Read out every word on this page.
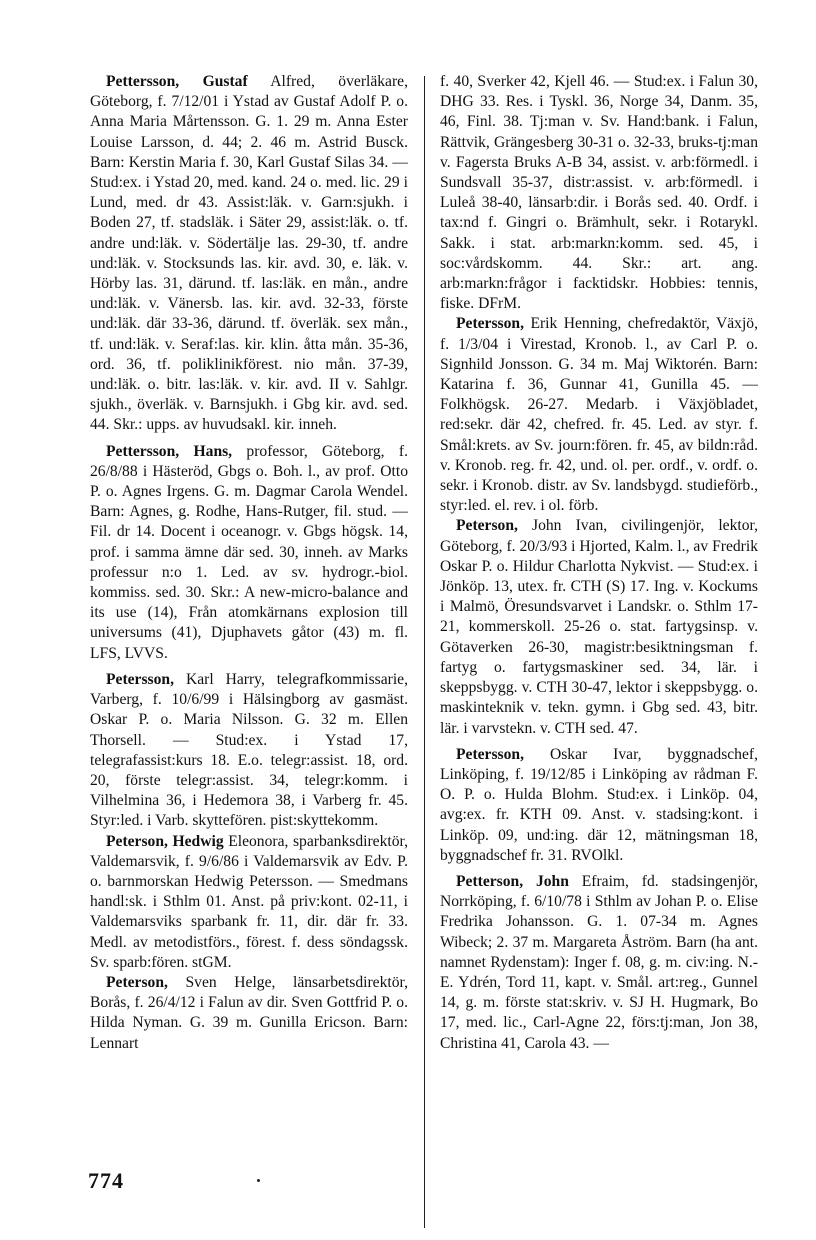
Pettersson, Gustaf Alfred, överläkare, Göteborg, f. 7/12/01 i Ystad av Gustaf Adolf P. o. Anna Maria Mårtensson. G. 1. 29 m. Anna Ester Louise Larsson, d. 44; 2. 46 m. Astrid Busck. Barn: Kerstin Maria f. 30, Karl Gustaf Silas 34. — Stud:ex. i Ystad 20, med. kand. 24 o. med. lic. 29 i Lund, med. dr 43. Assist:läk. v. Garn:sjukh. i Boden 27, tf. stadsläk. i Säter 29, assist:läk. o. tf. andre und:läk. v. Södertälje las. 29-30, tf. andre und:läk. v. Stocksunds las. kir. avd. 30, e. läk. v. Hörby las. 31, därund. tf. las:läk. en mån., andre und:läk. v. Vänersb. las. kir. avd. 32-33, förste und:läk. där 33-36, därund. tf. överläk. sex mån., tf. und:läk. v. Seraf:las. kir. klin. åtta mån. 35-36, ord. 36, tf. poliklinikförest. nio mån. 37-39, und:läk. o. bitr. las:läk. v. kir. avd. II v. Sahlgr. sjukh., överläk. v. Barnsjukh. i Gbg kir. avd. sed. 44. Skr.: upps. av huvudsakl. kir. inneh.

Pettersson, Hans, professor, Göteborg, f. 26/8/88 i Hästeröd, Gbgs o. Boh. l., av prof. Otto P. o. Agnes Irgens. G. m. Dagmar Carola Wendel. Barn: Agnes, g. Rodhe, Hans-Rutger, fil. stud. — Fil. dr 14. Docent i oceanogr. v. Gbgs högsk. 14, prof. i samma ämne där sed. 30, inneh. av Marks professur n:o 1. Led. av sv. hydrogr.-biol. kommiss. sed. 30. Skr.: A new-micro-balance and its use (14), Från atomkärnans explosion till universums (41), Djuphavets gåtor (43) m. fl. LFS, LVVS.

Petersson, Karl Harry, telegrafkommissarie, Varberg, f. 10/6/99 i Hälsingborg av gasmäst. Oskar P. o. Maria Nilsson. G. 32 m. Ellen Thorsell. — Stud:ex. i Ystad 17, telegrafassist:kurs 18. E.o. telegr:assist. 18, ord. 20, förste telegr:assist. 34, telegr:komm. i Vilhelmina 36, i Hedemora 38, i Varberg fr. 45. Styr:led. i Varb. skyttefören. pist:skyttekomm.

Peterson, Hedwig Eleonora, sparbanksdirektör, Valdemarsvik, f. 9/6/86 i Valdemarsvik av Edv. P. o. barnmorskan Hedwig Petersson. — Smedmans handl:sk. i Sthlm 01. Anst. på priv:kont. 02-11, i Valdemarsviks sparbank fr. 11, dir. där fr. 33. Medl. av metodistförs., förest. f. dess söndagssk. Sv. sparb:fören. stGM.

Peterson, Sven Helge, länsarbetsdirektör, Borås, f. 26/4/12 i Falun av dir. Sven Gottfrid P. o. Hilda Nyman. G. 39 m. Gunilla Ericson. Barn: Lennart

f. 40, Sverker 42, Kjell 46. — Stud:ex. i Falun 30, DHG 33. Res. i Tyskl. 36, Norge 34, Danm. 35, 46, Finl. 38. Tj:man v. Sv. Hand:bank. i Falun, Rättvik, Grängesberg 30-31 o. 32-33, bruks-tj:man v. Fagersta Bruks A-B 34, assist. v. arb:förmedl. i Sundsvall 35-37, distr:assist. v. arb:förmedl. i Luleå 38-40, länsarb:dir. i Borås sed. 40. Ordf. i tax:nd f. Gingri o. Brämhult, sekr. i Rotarykl. Sakk. i stat. arb:markn:komm. sed. 45, i soc:vårdskomm. 44. Skr.: art. ang. arb:markn:frågor i facktidskr. Hobbies: tennis, fiske. DFrM.

Petersson, Erik Henning, chefredaktör, Växjö, f. 1/3/04 i Virestad, Kronob. l., av Carl P. o. Signhild Jonsson. G. 34 m. Maj Wiktorén. Barn: Katarina f. 36, Gunnar 41, Gunilla 45. — Folkhögsk. 26-27. Medarb. i Växjöbladet, red:sekr. där 42, chefred. fr. 45. Led. av styr. f. Smål:krets. av Sv. journ:fören. fr. 45, av bildn:råd. v. Kronob. reg. fr. 42, und. ol. per. ordf., v. ordf. o. sekr. i Kronob. distr. av Sv. landsbygd. studieförb., styr:led. el. rev. i ol. förb.

Peterson, John Ivan, civilingenjör, lektor, Göteborg, f. 20/3/93 i Hjorted, Kalm. l., av Fredrik Oskar P. o. Hildur Charlotta Nykvist. — Stud:ex. i Jönköp. 13, utex. fr. CTH (S) 17. Ing. v. Kockums i Malmö, Öresundsvarvet i Landskr. o. Sthlm 17-21, kommerskoll. 25-26 o. stat. fartygsinsp. v. Götaverken 26-30, magistr:besiktningsman f. fartyg o. fartygsmaskiner sed. 34, lär. i skeppsbygg. v. CTH 30-47, lektor i skeppsbygg. o. maskinteknik v. tekn. gymn. i Gbg sed. 43, bitr. lär. i varvstekn. v. CTH sed. 47.

Petersson, Oskar Ivar, byggnadschef, Linköping, f. 19/12/85 i Linköping av rådman F. O. P. o. Hulda Blohm. Stud:ex. i Linköp. 04, avg:ex. fr. KTH 09. Anst. v. stadsing:kont. i Linköp. 09, und:ing. där 12, mätningsman 18, byggnadschef fr. 31. RVOlkl.

Petterson, John Efraim, fd. stadsingenjör, Norrköping, f. 6/10/78 i Sthlm av Johan P. o. Elise Fredrika Johansson. G. 1. 07-34 m. Agnes Wibeck; 2. 37 m. Margareta Åström. Barn (ha ant. namnet Rydenstam): Inger f. 08, g. m. civ:ing. N.-E. Ydrén, Tord 11, kapt. v. Smål. art:reg., Gunnel 14, g. m. förste stat:skriv. v. SJ H. Hugmark, Bo 17, med. lic., Carl-Agne 22, förs:tj:man, Jon 38, Christina 41, Carola 43. —

774
